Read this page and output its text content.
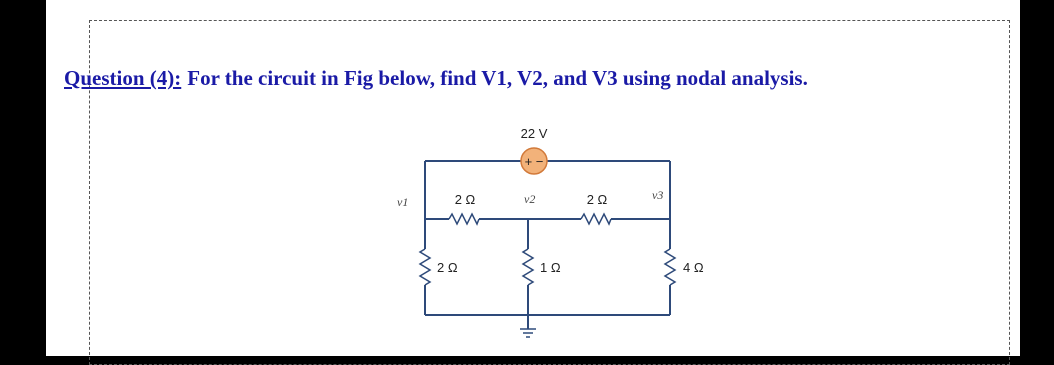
Question (4): For the circuit in Fig below, find V1, V2, and V3 using nodal analysis.
+ −
22 V
v1	v2	v3
2 Ω	2 Ω
2 Ω	1 Ω	4 Ω
